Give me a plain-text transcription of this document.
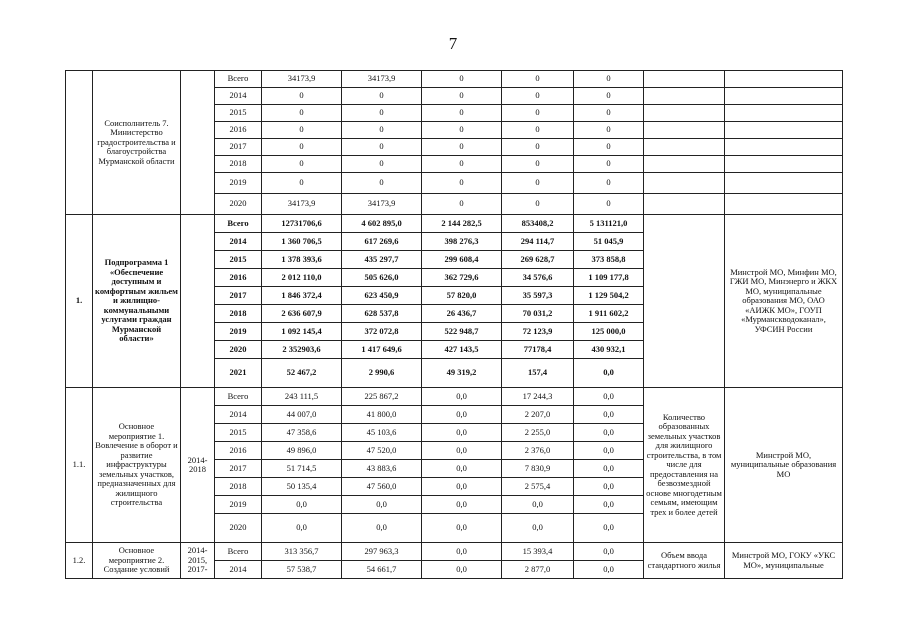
7
	Соисполнитель 7. Министерство градостроительства и благоустройства Мурманской области		Всего	34173,9	34173,9	0	0	0		
			2014	0	0	0	0	0		
			2015	0	0	0	0	0		
			2016	0	0	0	0	0		
			2017	0	0	0	0	0		
			2018	0	0	0	0	0		
			2019	0	0	0	0	0		
			2020	34173,9	34173,9	0	0	0		
1.	Подпрограмма 1 «Обеспечение доступным и комфортным жильем и жилищно-коммунальными услугами граждан Мурманской области»		Всего	12731706,6	4 602 895,0	2 144 282,5	853408,2	5 131121,0		Минстрой МО, Минфин МО, ГЖИ МО, Минэнерго и ЖКХ МО, муниципальные образования МО, ОАО «АИЖК МО», ГОУП «Мурманскводоканал», УФСИН России
			2014	1 360 706,5	617 269,6	398 276,3	294 114,7	51 045,9		
			2015	1 378 393,6	435 297,7	299 608,4	269 628,7	373 858,8		
			2016	2 012 110,0	505 626,0	362 729,6	34 576,6	1 109 177,8		
			2017	1 846 372,4	623 450,9	57 820,0	35 597,3	1 129 504,2		
			2018	2 636 607,9	628 537,8	26 436,7	70 031,2	1 911 602,2		
			2019	1 092 145,4	372 072,8	522 948,7	72 123,9	125 000,0		
			2020	2 352903,6	1 417 649,6	427 143,5	77178,4	430 932,1		
			2021	52 467,2	2 990,6	49 319,2	157,4	0,0		
1.1.	Основное мероприятие 1. Вовлечение в оборот и развитие инфраструктуры земельных участков, предназначенных для жилищного строительства	2014-2018	Всего	243 111,5	225 867,2	0,0	17 244,3	0,0	Количество образованных земельных участков для жилищного строительства, в том числе для предоставления на безвозмездной основе многодетным семьям, имеющим трех и более детей	Минстрой МО, муниципальные образования МО
			2014	44 007,0	41 800,0	0,0	2 207,0	0,0		
			2015	47 358,6	45 103,6	0,0	2 255,0	0,0		
			2016	49 896,0	47 520,0	0,0	2 376,0	0,0		
			2017	51 714,5	43 883,6	0,0	7 830,9	0,0		
			2018	50 135,4	47 560,0	0,0	2 575,4	0,0		
			2019	0,0	0,0	0,0	0,0	0,0		
			2020	0,0	0,0	0,0	0,0	0,0		
1.2.	Основное мероприятие 2. Создание условий	2014-2015, 2017-	Всего	313 356,7	297 963,3	0,0	15 393,4	0,0	Объем ввода стандартного жилья	Минстрой МО, ГОКУ «УКС МО», муниципальные
			2014	57 538,7	54 661,7	0,0	2 877,0	0,0		
